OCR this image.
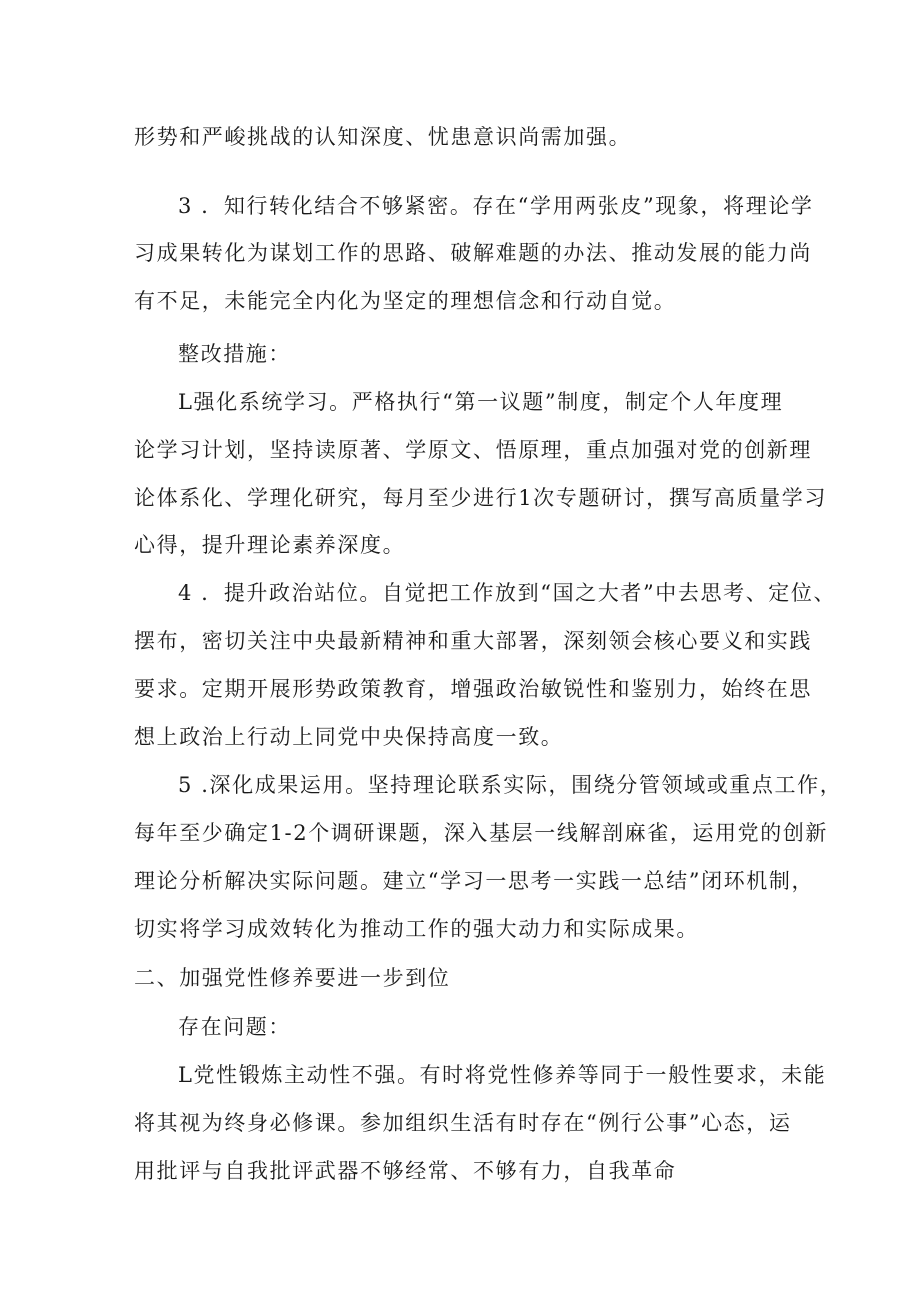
形势和严峻挑战的认知深度、忧患意识尚需加强。
3 ．知行转化结合不够紧密。存在“学用两张皮”现象，将理论学
习成果转化为谋划工作的思路、破解难题的办法、推动发展的能力尚
有不足，未能完全内化为坚定的理想信念和行动自觉。
整改措施：
L强化系统学习。严格执行“第一议题”制度，制定个人年度理
论学习计划，坚持读原著、学原文、悟原理，重点加强对党的创新理
论体系化、学理化研究，每月至少进行1次专题研讨，撰写高质量学习
心得，提升理论素养深度。
4 ．提升政治站位。自觉把工作放到“国之大者”中去思考、定位、
摆布，密切关注中央最新精神和重大部署，深刻领会核心要义和实践
要求。定期开展形势政策教育，增强政治敏锐性和鉴别力，始终在思
想上政治上行动上同党中央保持高度一致。
5 .深化成果运用。坚持理论联系实际，围绕分管领域或重点工作，
每年至少确定1-2个调研课题，深入基层一线解剖麻雀，运用党的创新
理论分析解决实际问题。建立“学习一思考一实践一总结”闭环机制，
切实将学习成效转化为推动工作的强大动力和实际成果。
二、加强党性修养要进一步到位
存在问题：
L党性锻炼主动性不强。有时将党性修养等同于一般性要求，未能
将其视为终身必修课。参加组织生活有时存在“例行公事”心态，运
用批评与自我批评武器不够经常、不够有力，自我革命
